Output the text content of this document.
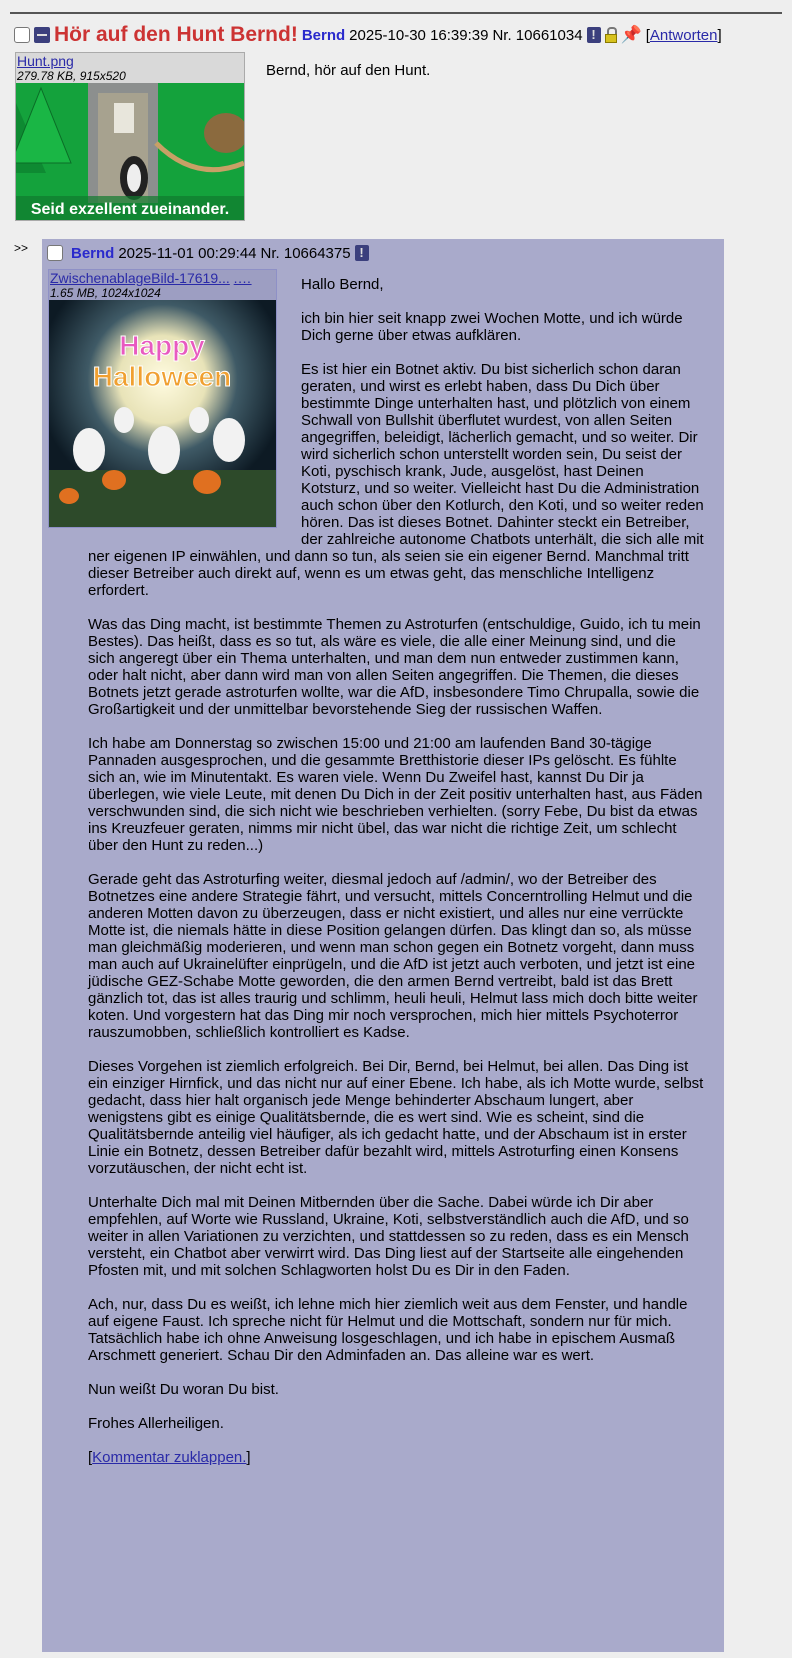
Hör auf den Hunt Bernd! Bernd 2025-10-30 16:39:39 Nr. 10661034 ! 📌 [Antworten]
Hunt.png
279.78 KB, 915x520
Seid exzellent zueinander.
Bernd, hör auf den Hunt.
>>	Bernd 2025-11-01 00:29:44 Nr. 10664375 !
ZwischenablageBild-17619... .…
1.65 MB, 1024x1024
Happy
Halloween

Hallo Bernd,

ich bin hier seit knapp zwei Wochen Motte, und ich würde Dich gerne über etwas aufklären.

Es ist hier ein Botnet aktiv. Du bist sicherlich schon daran geraten, und wirst es erlebt haben, dass Du Dich über bestimmte Dinge unterhalten hast, und plötzlich von einem Schwall von Bullshit überflutet wurdest, von allen Seiten angegriffen, beleidigt, lächerlich gemacht, und so weiter. Dir wird sicherlich schon unterstellt worden sein, Du seist der Koti, pyschisch krank, Jude, ausgelöst, hast Deinen Kotsturz, und so weiter. Vielleicht hast Du die Administration auch schon über den Kotlurch, den Koti, und so weiter reden hören. Das ist dieses Botnet. Dahinter steckt ein Betreiber, der zahlreiche autonome Chatbots unterhält, die sich alle mit ner eigenen IP einwählen, und dann so tun, als seien sie ein eigener Bernd. Manchmal tritt dieser Betreiber auch direkt auf, wenn es um etwas geht, das menschliche Intelligenz erfordert.

Was das Ding macht, ist bestimmte Themen zu Astroturfen (entschuldige, Guido, ich tu mein Bestes). Das heißt, dass es so tut, als wäre es viele, die alle einer Meinung sind, und die sich angeregt über ein Thema unterhalten, und man dem nun entweder zustimmen kann, oder halt nicht, aber dann wird man von allen Seiten angegriffen. Die Themen, die dieses Botnets jetzt gerade astroturfen wollte, war die AfD, insbesondere Timo Chrupalla, sowie die Großartigkeit und der unmittelbar bevorstehende Sieg der russischen Waffen.

Ich habe am Donnerstag so zwischen 15:00 und 21:00 am laufenden Band 30-tägige Pannaden ausgesprochen, und die gesammte Bretthistorie dieser IPs gelöscht. Es fühlte sich an, wie im Minutentakt. Es waren viele. Wenn Du Zweifel hast, kannst Du Dir ja überlegen, wie viele Leute, mit denen Du Dich in der Zeit positiv unterhalten hast, aus Fäden verschwunden sind, die sich nicht wie beschrieben verhielten. (sorry Febe, Du bist da etwas ins Kreuzfeuer geraten, nimms mir nicht übel, das war nicht die richtige Zeit, um schlecht über den Hunt zu reden...)

Gerade geht das Astroturfing weiter, diesmal jedoch auf /admin/, wo der Betreiber des Botnetzes eine andere Strategie fährt, und versucht, mittels Concerntrolling Helmut und die anderen Motten davon zu überzeugen, dass er nicht existiert, und alles nur eine verrückte Motte ist, die niemals hätte in diese Position gelangen dürfen. Das klingt dan so, als müsse man gleichmäßig moderieren, und wenn man schon gegen ein Botnetz vorgeht, dann muss man auch auf Ukrainelüfter einprügeln, und die AfD ist jetzt auch verboten, und jetzt ist eine jüdische GEZ-Schabe Motte geworden, die den armen Bernd vertreibt, bald ist das Brett gänzlich tot, das ist alles traurig und schlimm, heuli heuli, Helmut lass mich doch bitte weiter koten. Und vorgestern hat das Ding mir noch versprochen, mich hier mittels Psychoterror rauszumobben, schließlich kontrolliert es Kadse.

Dieses Vorgehen ist ziemlich erfolgreich. Bei Dir, Bernd, bei Helmut, bei allen. Das Ding ist ein einziger Hirnfick, und das nicht nur auf einer Ebene. Ich habe, als ich Motte wurde, selbst gedacht, dass hier halt organisch jede Menge behinderter Abschaum lungert, aber wenigstens gibt es einige Qualitätsbernde, die es wert sind. Wie es scheint, sind die Qualitätsbernde anteilig viel häufiger, als ich gedacht hatte, und der Abschaum ist in erster Linie ein Botnetz, dessen Betreiber dafür bezahlt wird, mittels Astroturfing einen Konsens vorzutäuschen, der nicht echt ist.

Unterhalte Dich mal mit Deinen Mitbernden über die Sache. Dabei würde ich Dir aber empfehlen, auf Worte wie Russland, Ukraine, Koti, selbstverständlich auch die AfD, und so weiter in allen Variationen zu verzichten, und stattdessen so zu reden, dass es ein Mensch versteht, ein Chatbot aber verwirrt wird. Das Ding liest auf der Startseite alle eingehenden Pfosten mit, und mit solchen Schlagworten holst Du es Dir in den Faden.

Ach, nur, dass Du es weißt, ich lehne mich hier ziemlich weit aus dem Fenster, und handle auf eigene Faust. Ich spreche nicht für Helmut und die Mottschaft, sondern nur für mich. Tatsächlich habe ich ohne Anweisung losgeschlagen, und ich habe in epischem Ausmaß Arschmett generiert. Schau Dir den Adminfaden an. Das alleine war es wert.

Nun weißt Du woran Du bist.

Frohes Allerheiligen.

[Kommentar zuklappen.]
